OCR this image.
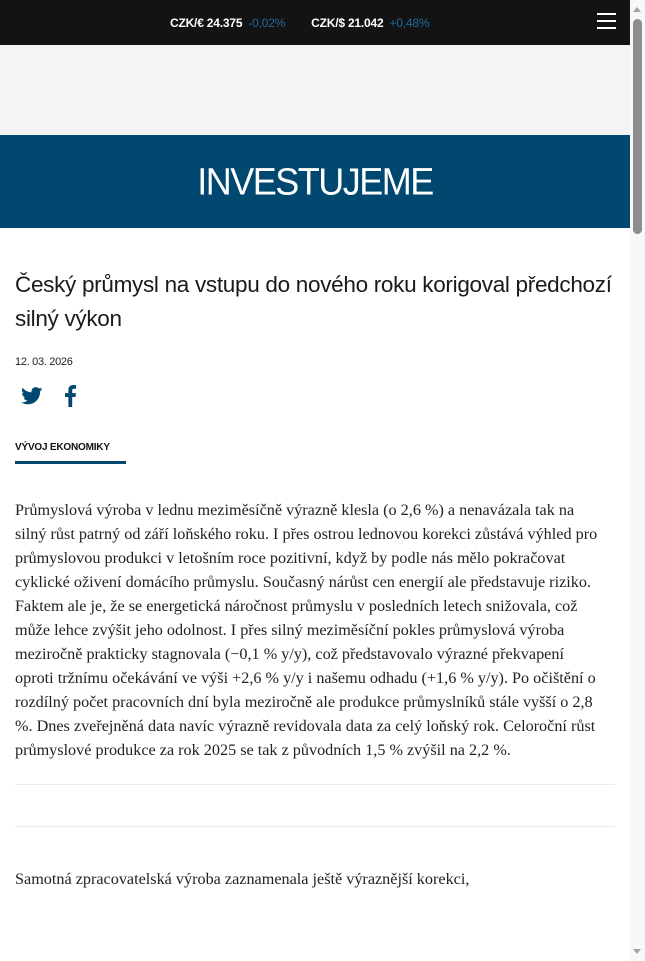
CZK/€ 24.375 -0,02% CZK/$ 21.042 +0,48%
INVESTUJEME
Český průmysl na vstupu do nového roku korigoval předchozí silný výkon
12. 03. 2026
VÝVOJ EKONOMIKY

Průmyslová výroba v lednu meziměsíčně výrazně klesla (o 2,6 %) a nenavázala tak na silný růst patrný od září loňského roku. I přes ostrou lednovou korekci zůstává výhled pro průmyslovou produkci v letošním roce pozitivní, když by podle nás mělo pokračovat cyklické oživení domácího průmyslu. Současný nárůst cen energií ale představuje riziko. Faktem ale je, že se energetická náročnost průmyslu v posledních letech snižovala, což může lehce zvýšit jeho odolnost. I přes silný meziměsíční pokles průmyslová výroba meziročně prakticky stagnovala (−0,1 % y/y), což představovalo výrazné překvapení oproti tržnímu očekávání ve výši +2,6 % y/y i našemu odhadu (+1,6 % y/y). Po očištění o rozdílný počet pracovních dní byla meziročně ale produkce průmyslníků stále vyšší o 2,8 %. Dnes zveřejněná data navíc výrazně revidovala data za celý loňský rok. Celoroční růst průmyslové produkce za rok 2025 se tak z původních 1,5 % zvýšil na 2,2 %.

Samotná zpracovatelská výroba zaznamenala ještě výraznější korekci,
